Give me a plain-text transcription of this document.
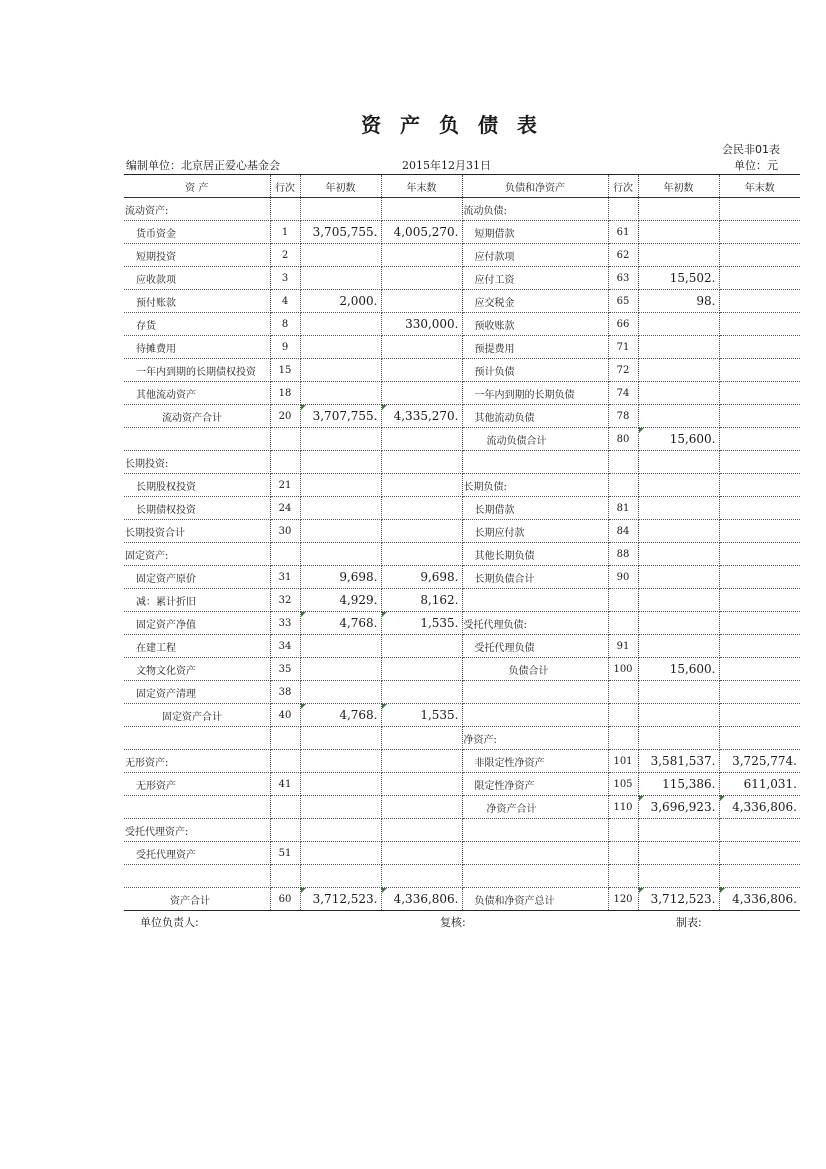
资 产 负 债 表
会民非01表
编制单位：北京居正爱心基金会	2015年12月31日	单位：元
资 产	行次	年初数	年末数	负债和净资产	行次	年初数	年末数
流动资产:				流动负债:			
货币资金	1	3,705,755.	4,005,270.	短期借款	61		
短期投资	2			应付款项	62		
应收款项	3			应付工资	63	15,502.	
预付账款	4	2,000.		应交税金	65	98.	
存货	8		330,000.	预收账款	66		
待摊费用	9			预提费用	71		
一年内到期的长期债权投资	15			预计负债	72		
其他流动资产	18			一年内到期的长期负债	74		
流动资产合计	20	3,707,755.	4,335,270.	其他流动负债	78		
				流动负债合计	80	15,600.	
长期投资:							
长期股权投资	21			长期负债:			
长期债权投资	24			长期借款	81		
长期投资合计	30			长期应付款	84		
固定资产:				其他长期负债	88		
固定资产原价	31	9,698.	9,698.	长期负债合计	90		
减：累计折旧	32	4,929.	8,162.				
固定资产净值	33	4,768.	1,535.	受托代理负债:			
在建工程	34			受托代理负债	91		
文物文化资产	35			负债合计	100	15,600.	
固定资产清理	38						
固定资产合计	40	4,768.	1,535.				
				净资产:			
无形资产:				非限定性净资产	101	3,581,537.	3,725,774.
无形资产	41			限定性净资产	105	115,386.	611,031.
				净资产合计	110	3,696,923.	4,336,806.
受托代理资产:							
受托代理资产	51						

资产合计	60	3,712,523.	4,336,806.	负债和净资产总计	120	3,712,523.	4,336,806.
单位负责人:	复核:	制表:
